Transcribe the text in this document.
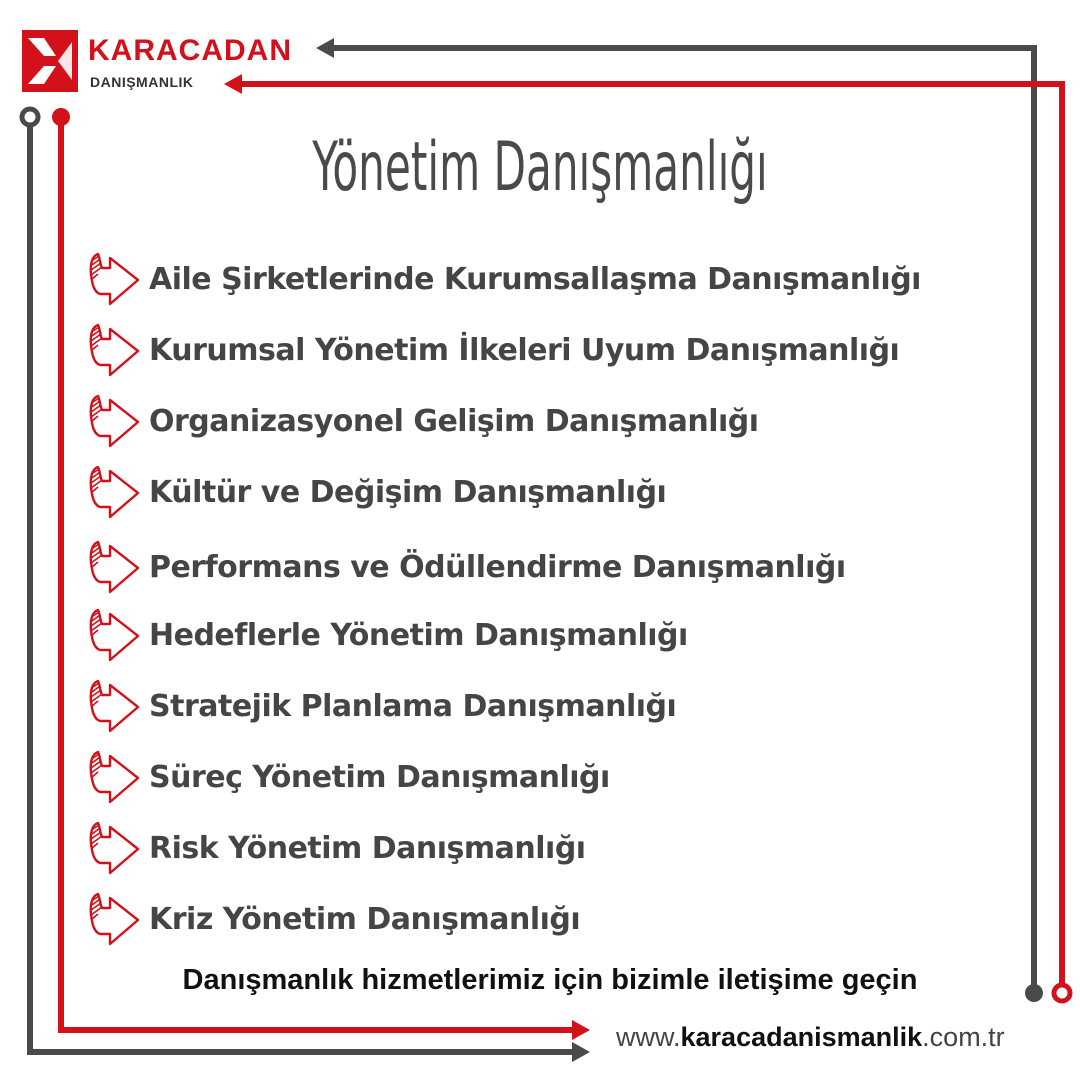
KARACADAN
DANIŞMANLIK
Yönetim Danışmanlığı
Aile Şirketlerinde Kurumsallaşma Danışmanlığı
Kurumsal Yönetim İlkeleri Uyum Danışmanlığı
Organizasyonel Gelişim Danışmanlığı
Kültür ve Değişim Danışmanlığı
Performans ve Ödüllendirme Danışmanlığı
Hedeflerle Yönetim Danışmanlığı
Stratejik Planlama Danışmanlığı
Süreç Yönetim Danışmanlığı
Risk Yönetim Danışmanlığı
Kriz Yönetim Danışmanlığı
Danışmanlık hizmetlerimiz için bizimle iletişime geçin
www.karacadanismanlik.com.tr
